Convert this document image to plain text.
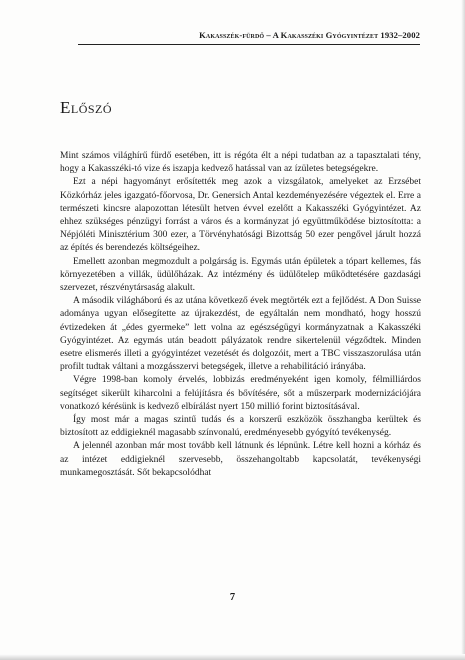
Kakasszék-fürdő – A Kakasszéki Gyógyintézet 1932–2002
Előszó

Mint számos világhírű fürdő esetében, itt is régóta élt a népi tudatban az a tapasztalati tény, hogy a Kakasszéki-tó vize és iszapja kedvező hatással van az ízületes betegségekre.

Ezt a népi hagyományt erősítették meg azok a vizsgálatok, amelyeket az Erzsébet Közkórház jeles igazgató-főorvosa, Dr. Genersich Antal kezdeményezésére végeztek el. Erre a természeti kincsre alapozottan létesült hetven évvel ezelőtt a Kakasszéki Gyógyintézet. Az ehhez szükséges pénzügyi forrást a város és a kormányzat jó együttműködése biztosította: a Népjóléti Minisztérium 300 ezer, a Törvényhatósági Bizottság 50 ezer pengővel járult hozzá az építés és berendezés költségeihez.

Emellett azonban megmozdult a polgárság is. Egymás után épületek a tópart kellemes, fás környezetében a villák, üdülőházak. Az intézmény és üdülőtelep működtetésére gazdasági szervezet, részvénytársaság alakult.

A második világháború és az utána következő évek megtörték ezt a fejlődést. A Don Suisse adománya ugyan elősegítette az újrakezdést, de egyáltalán nem mondható, hogy hosszú évtizedeken át „édes gyermeke” lett volna az egészségügyi kormányzatnak a Kakasszéki Gyógyintézet. Az egymás után beadott pályázatok rendre sikertelenül végződtek. Minden esetre elismerés illeti a gyógyintézet vezetését és dolgozóit, mert a TBC visszaszorulása után profilt tudtak váltani a mozgásszervi betegségek, illetve a rehabilitáció irányába.

Végre 1998-ban komoly érvelés, lobbizás eredményeként igen komoly, félmilliárdos segítséget sikerült kiharcolni a felújításra és bővítésére, sőt a műszerpark modernizációjára vonatkozó kérésünk is kedvező elbírálást nyert 150 millió forint biztosításával.

Így most már a magas szintű tudás és a korszerű eszközök összhangba kerültek és biztosított az eddigieknél magasabb színvonalú, eredményesebb gyógyító tevékenység.

A jelennél azonban már most tovább kell látnunk és lépnünk. Létre kell hozni a kórház és az intézet eddigieknél szervesebb, összehangoltabb kapcsolatát, tevékenységi munkamegosztását. Sőt bekapcsolódhat

7
